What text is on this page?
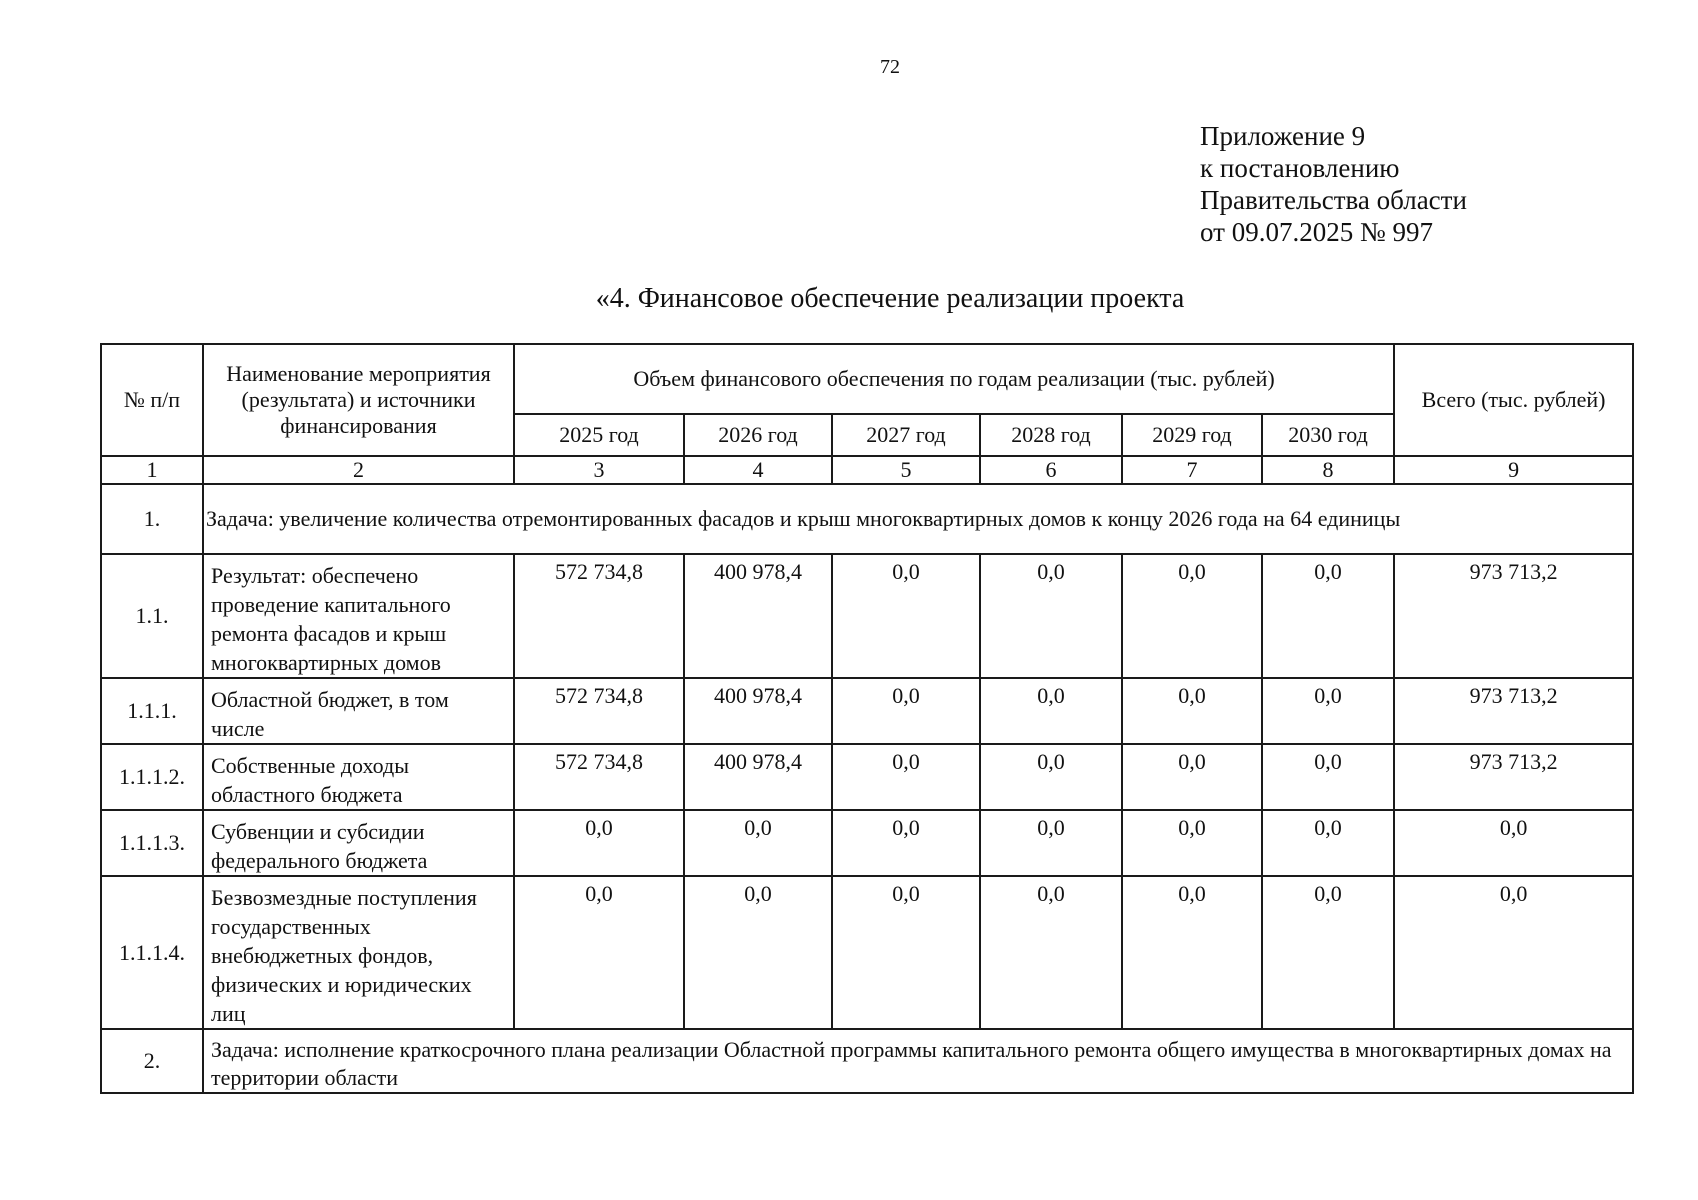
72
Приложение 9
к постановлению
Правительства области
от 09.07.2025 № 997
«4. Финансовое обеспечение реализации проекта
№ п/п	Наименование мероприятия (результата) и источники финансирования	Объем финансового обеспечения по годам реализации (тыс. рублей)						Всего (тыс. рублей)
		2025 год	2026 год	2027 год	2028 год	2029 год	2030 год	
1	2	3	4	5	6	7	8	9
1.	Задача: увеличение количества отремонтированных фасадов и крыш многоквартирных домов к концу 2026 года на 64 единицы							
1.1.	Результат: обеспечено проведение капитального ремонта фасадов и крыш многоквартирных домов	572 734,8	400 978,4	0,0	0,0	0,0	0,0	973 713,2
1.1.1.	Областной бюджет, в том числе	572 734,8	400 978,4	0,0	0,0	0,0	0,0	973 713,2
1.1.1.2.	Собственные доходы областного бюджета	572 734,8	400 978,4	0,0	0,0	0,0	0,0	973 713,2
1.1.1.3.	Субвенции и субсидии федерального бюджета	0,0	0,0	0,0	0,0	0,0	0,0	0,0
1.1.1.4.	Безвозмездные поступления государственных внебюджетных фондов, физических и юридических лиц	0,0	0,0	0,0	0,0	0,0	0,0	0,0
2.	Задача: исполнение краткосрочного плана реализации Областной программы капитального ремонта общего имущества в многоквартирных домах на территории области							
